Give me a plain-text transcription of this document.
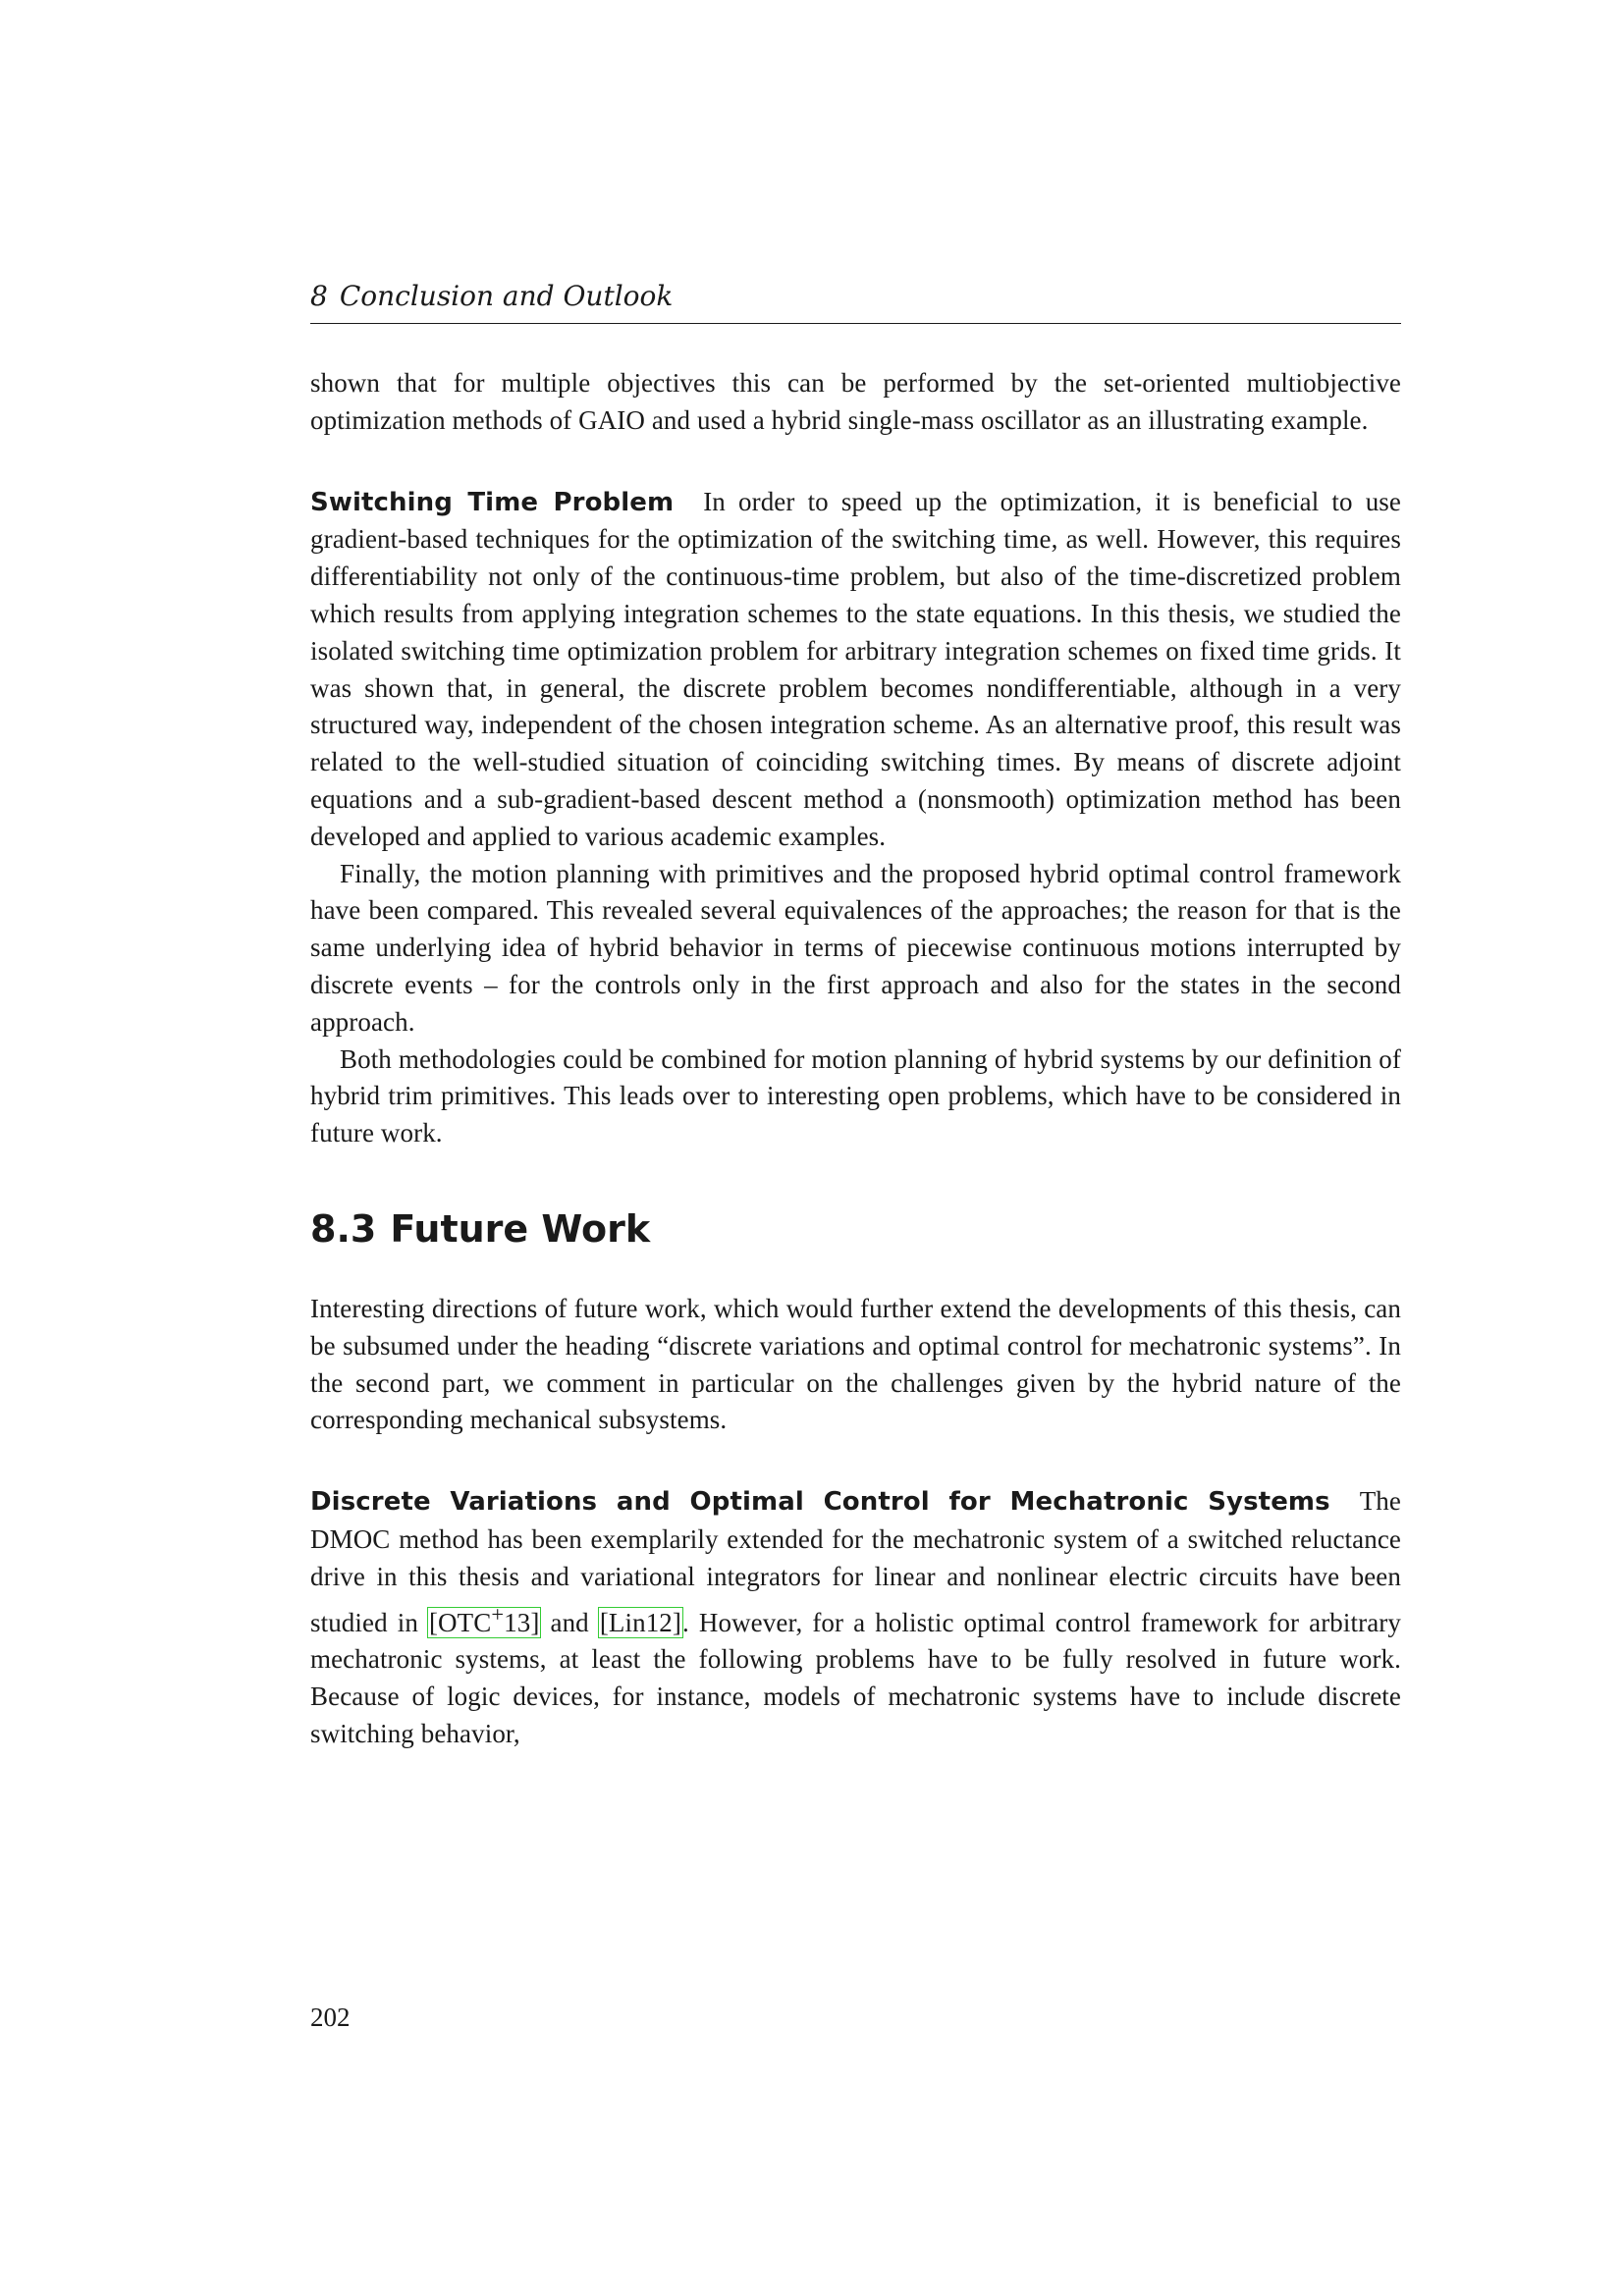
8 Conclusion and Outlook

shown that for multiple objectives this can be performed by the set-oriented multiobjective optimization methods of GAIO and used a hybrid single-mass oscillator as an illustrating example.

Switching Time Problem In order to speed up the optimization, it is beneficial to use gradient-based techniques for the optimization of the switching time, as well. However, this requires differentiability not only of the continuous-time problem, but also of the time-discretized problem which results from applying integration schemes to the state equations. In this thesis, we studied the isolated switching time optimization problem for arbitrary integration schemes on fixed time grids. It was shown that, in general, the discrete problem becomes nondifferentiable, although in a very structured way, independent of the chosen integration scheme. As an alternative proof, this result was related to the well-studied situation of coinciding switching times. By means of discrete adjoint equations and a sub-gradient-based descent method a (nonsmooth) optimization method has been developed and applied to various academic examples.

Finally, the motion planning with primitives and the proposed hybrid optimal control framework have been compared. This revealed several equivalences of the approaches; the reason for that is the same underlying idea of hybrid behavior in terms of piecewise continuous motions interrupted by discrete events – for the controls only in the first approach and also for the states in the second approach.

Both methodologies could be combined for motion planning of hybrid systems by our definition of hybrid trim primitives. This leads over to interesting open problems, which have to be considered in future work.

8.3 Future Work

Interesting directions of future work, which would further extend the developments of this thesis, can be subsumed under the heading “discrete variations and optimal control for mechatronic systems”. In the second part, we comment in particular on the challenges given by the hybrid nature of the corresponding mechanical subsystems.

Discrete Variations and Optimal Control for Mechatronic Systems The DMOC method has been exemplarily extended for the mechatronic system of a switched reluctance drive in this thesis and variational integrators for linear and nonlinear electric circuits have been studied in [OTC+13] and [Lin12]. However, for a holistic optimal control framework for arbitrary mechatronic systems, at least the following problems have to be fully resolved in future work. Because of logic devices, for instance, models of mechatronic systems have to include discrete switching behavior,

202
